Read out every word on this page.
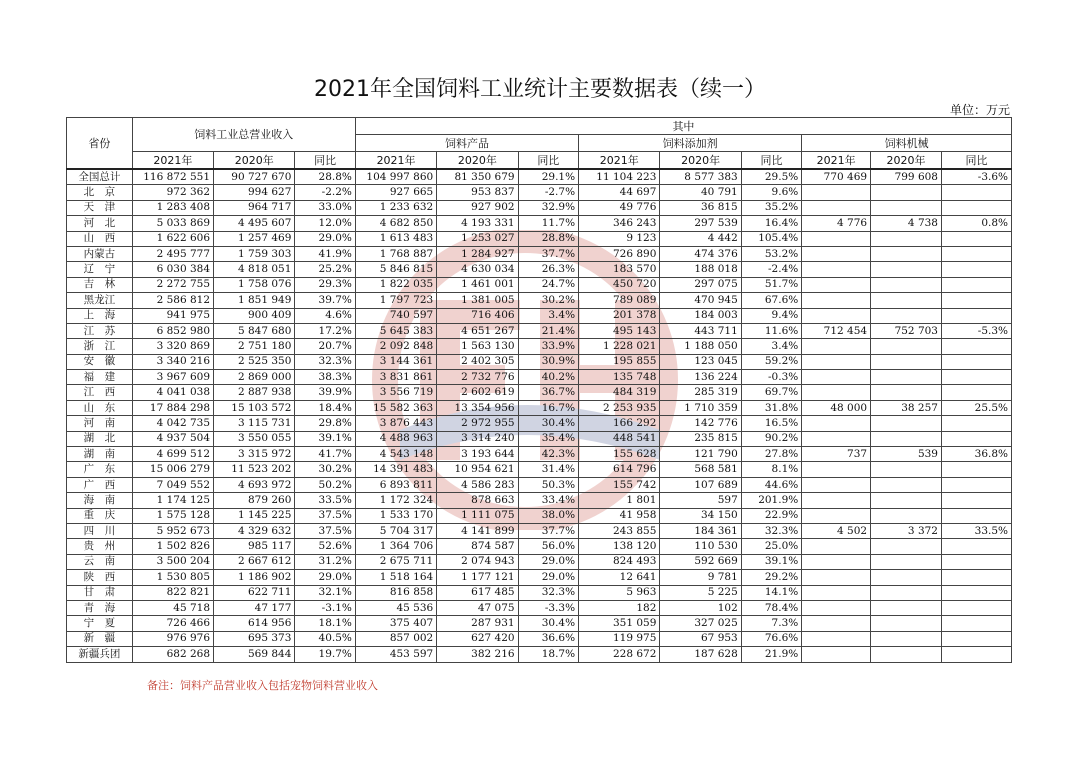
2021年全国饲料工业统计主要数据表（续一）
单位：万元
省份	饲料工业总营业收入			其中								
				饲料产品			饲料添加剂			饲料机械		
	2021年	2020年	同比	2021年	2020年	同比	2021年	2020年	同比	2021年	2020年	同比
全国总计	116 872 551	90 727 670	28.8%	104 997 860	81 350 679	29.1%	11 104 223	8 577 383	29.5%	770 469	799 608	-3.6%
北　京	972 362	994 627	-2.2%	927 665	953 837	-2.7%	44 697	40 791	9.6%			
天　津	1 283 408	964 717	33.0%	1 233 632	927 902	32.9%	49 776	36 815	35.2%			
河　北	5 033 869	4 495 607	12.0%	4 682 850	4 193 331	11.7%	346 243	297 539	16.4%	4 776	4 738	0.8%
山　西	1 622 606	1 257 469	29.0%	1 613 483	1 253 027	28.8%	9 123	4 442	105.4%			
内蒙古	2 495 777	1 759 303	41.9%	1 768 887	1 284 927	37.7%	726 890	474 376	53.2%			
辽　宁	6 030 384	4 818 051	25.2%	5 846 815	4 630 034	26.3%	183 570	188 018	-2.4%			
吉　林	2 272 755	1 758 076	29.3%	1 822 035	1 461 001	24.7%	450 720	297 075	51.7%			
黑龙江	2 586 812	1 851 949	39.7%	1 797 723	1 381 005	30.2%	789 089	470 945	67.6%			
上　海	941 975	900 409	4.6%	740 597	716 406	3.4%	201 378	184 003	9.4%			
江　苏	6 852 980	5 847 680	17.2%	5 645 383	4 651 267	21.4%	495 143	443 711	11.6%	712 454	752 703	-5.3%
浙　江	3 320 869	2 751 180	20.7%	2 092 848	1 563 130	33.9%	1 228 021	1 188 050	3.4%			
安　徽	3 340 216	2 525 350	32.3%	3 144 361	2 402 305	30.9%	195 855	123 045	59.2%			
福　建	3 967 609	2 869 000	38.3%	3 831 861	2 732 776	40.2%	135 748	136 224	-0.3%			
江　西	4 041 038	2 887 938	39.9%	3 556 719	2 602 619	36.7%	484 319	285 319	69.7%			
山　东	17 884 298	15 103 572	18.4%	15 582 363	13 354 956	16.7%	2 253 935	1 710 359	31.8%	48 000	38 257	25.5%
河　南	4 042 735	3 115 731	29.8%	3 876 443	2 972 955	30.4%	166 292	142 776	16.5%			
湖　北	4 937 504	3 550 055	39.1%	4 488 963	3 314 240	35.4%	448 541	235 815	90.2%			
湖　南	4 699 512	3 315 972	41.7%	4 543 148	3 193 644	42.3%	155 628	121 790	27.8%	737	539	36.8%
广　东	15 006 279	11 523 202	30.2%	14 391 483	10 954 621	31.4%	614 796	568 581	8.1%			
广　西	7 049 552	4 693 972	50.2%	6 893 811	4 586 283	50.3%	155 742	107 689	44.6%			
海　南	1 174 125	879 260	33.5%	1 172 324	878 663	33.4%	1 801	597	201.9%			
重　庆	1 575 128	1 145 225	37.5%	1 533 170	1 111 075	38.0%	41 958	34 150	22.9%			
四　川	5 952 673	4 329 632	37.5%	5 704 317	4 141 899	37.7%	243 855	184 361	32.3%	4 502	3 372	33.5%
贵　州	1 502 826	985 117	52.6%	1 364 706	874 587	56.0%	138 120	110 530	25.0%			
云　南	3 500 204	2 667 612	31.2%	2 675 711	2 074 943	29.0%	824 493	592 669	39.1%			
陕　西	1 530 805	1 186 902	29.0%	1 518 164	1 177 121	29.0%	12 641	9 781	29.2%			
甘　肃	822 821	622 711	32.1%	816 858	617 485	32.3%	5 963	5 225	14.1%			
青　海	45 718	47 177	-3.1%	45 536	47 075	-3.3%	182	102	78.4%			
宁　夏	726 466	614 956	18.1%	375 407	287 931	30.4%	351 059	327 025	7.3%			
新　疆	976 976	695 373	40.5%	857 002	627 420	36.6%	119 975	67 953	76.6%			
新疆兵团	682 268	569 844	19.7%	453 597	382 216	18.7%	228 672	187 628	21.9%			
备注：饲料产品营业收入包括宠物饲料营业收入
